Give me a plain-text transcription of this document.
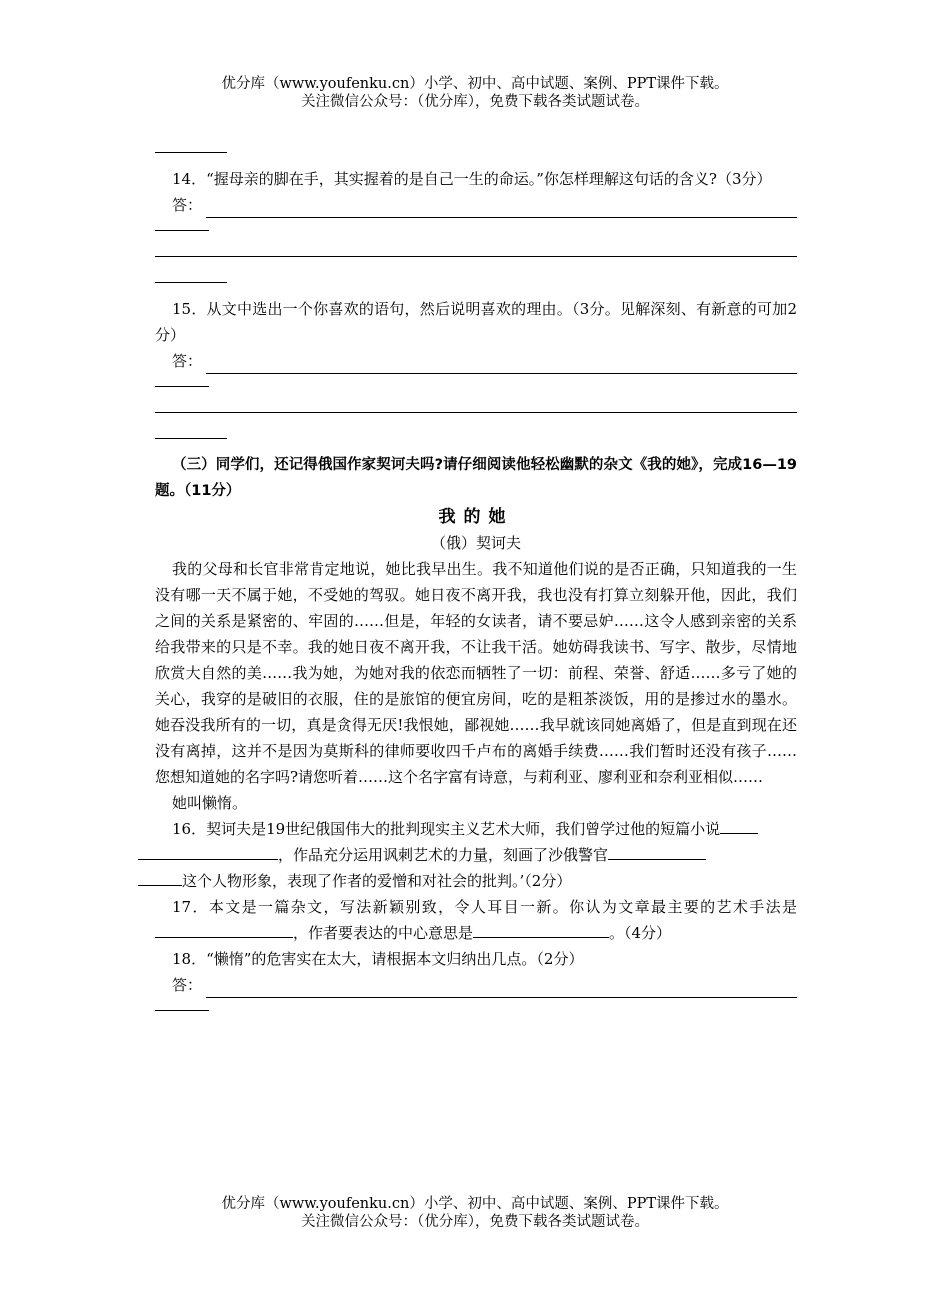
优分库（www.youfenku.cn）小学、初中、高中试题、案例、PPT课件下载。
关注微信公众号：（优分库），免费下载各类试题试卷。

14．“握母亲的脚在手，其实握着的是自己一生的命运。”你怎样理解这句话的含义?（3分）

答：

15．从文中选出一个你喜欢的语句，然后说明喜欢的理由。（3分。见解深刻、有新意的可加2分）

答：

（三）同学们，还记得俄国作家契诃夫吗?请仔细阅读他轻松幽默的杂文《我的她》，完成16—19题。（11分）

我的她
（俄）契诃夫

我的父母和长官非常肯定地说，她比我早出生。我不知道他们说的是否正确，只知道我的一生没有哪一天不属于她，不受她的驾驭。她日夜不离开我，我也没有打算立刻躲开他，因此，我们之间的关系是紧密的、牢固的……但是，年轻的女读者，请不要忌妒……这令人感到亲密的关系给我带来的只是不幸。我的她日夜不离开我，不让我干活。她妨碍我读书、写字、散步，尽情地欣赏大自然的美……我为她，为她对我的依恋而牺牲了一切：前程、荣誉、舒适……多亏了她的关心，我穿的是破旧的衣服，住的是旅馆的便宜房间，吃的是粗茶淡饭，用的是掺过水的墨水。她吞没我所有的一切，真是贪得无厌!我恨她，鄙视她……我早就该同她离婚了，但是直到现在还没有离掉，这并不是因为莫斯科的律师要收四千卢布的离婚手续费……我们暂时还没有孩子……您想知道她的名字吗?请您听着……这个名字富有诗意，与莉利亚、廖利亚和奈利亚相似……

她叫懒惰。

16．契诃夫是19世纪俄国伟大的批判现实主义艺术大师，我们曾学过他的短篇小说
，作品充分运用讽刺艺术的力量，刻画了沙俄警官
这个人物形象，表现了作者的爱憎和对社会的批判。’（2分）

17．本文是一篇杂文，写法新颖别致，令人耳目一新。你认为文章最主要的艺术手法是，作者要表达的中心意思是	。（4分）

18．“懒惰”的危害实在太大，请根据本文归纳出几点。（2分）

答：
优分库（www.youfenku.cn）小学、初中、高中试题、案例、PPT课件下载。
关注微信公众号：（优分库），免费下载各类试题试卷。
